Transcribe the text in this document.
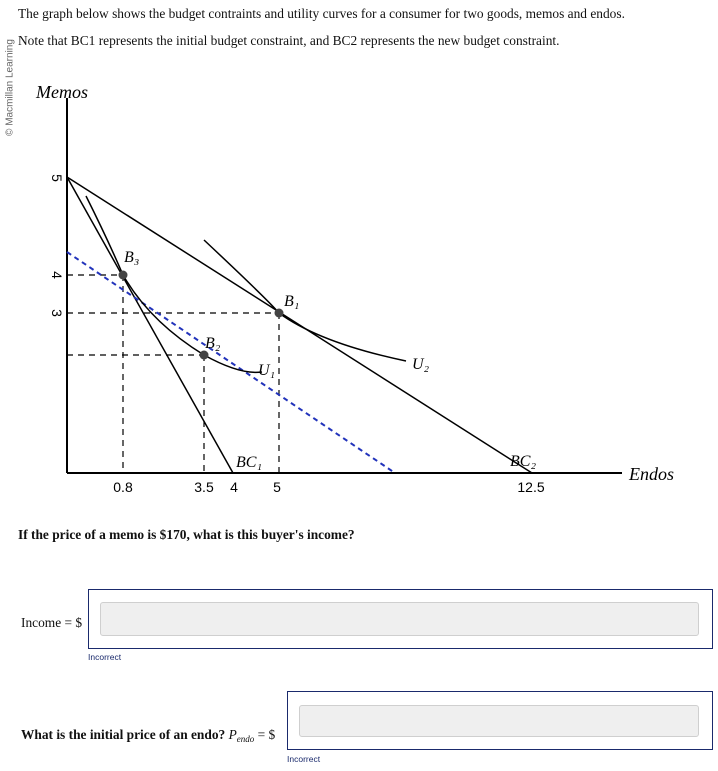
© Macmillan Learning
The graph below shows the budget contraints and utility curves for a consumer for two goods, memos and endos.
Note that BC1 represents the initial budget constraint, and BC2 represents the new budget constraint.
Memos
Endos
5
4
3
0.8	3.5 4	5	12.5
B₁
B₂
B₃
U₁	U₂
BC₁	BC₂
If the price of a memo is $170, what is this buyer's income?
Income = $
Incorrect
What is the initial price of an endo? $P_{endo}$ = $
Incorrect
